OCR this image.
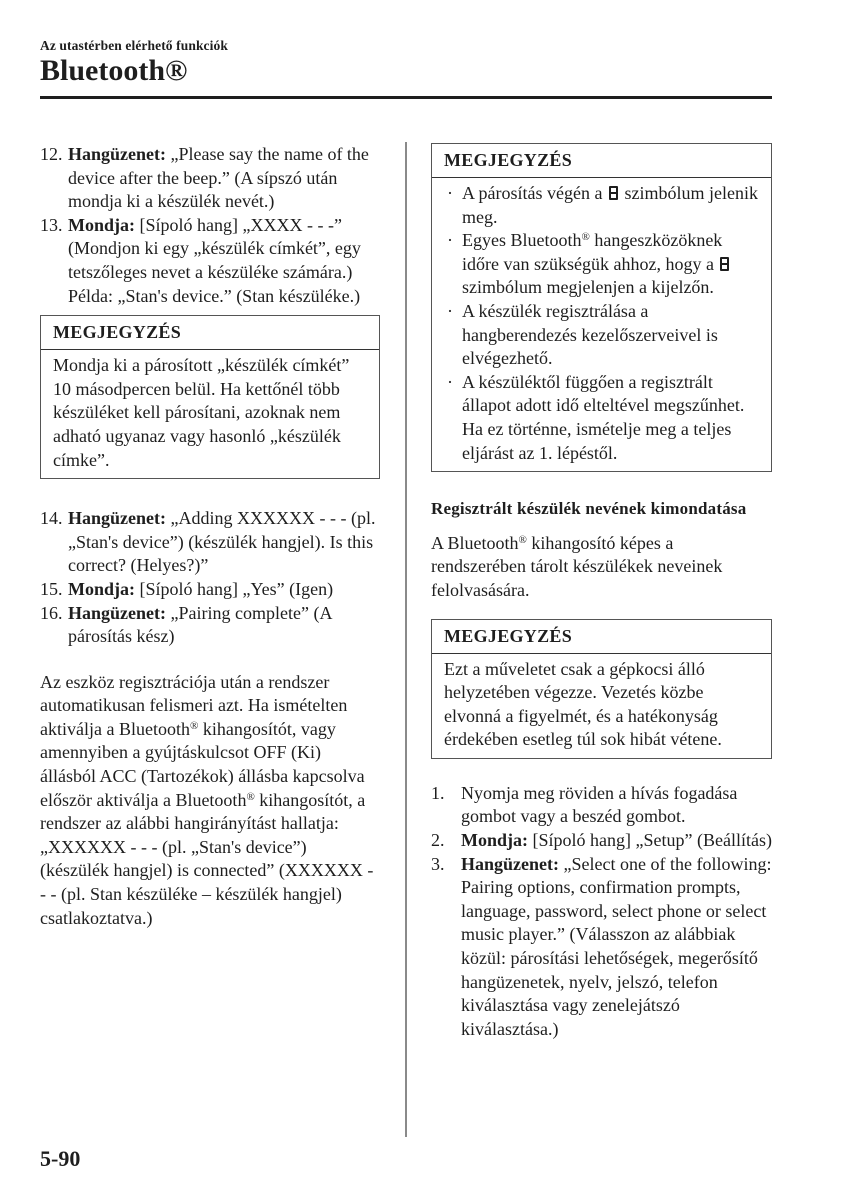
Az utastérben elérhető funkciók
Bluetooth®
12. Hangüzenet: „Please say the name of the device after the beep.” (A sípszó után mondja ki a készülék nevét.)
13. Mondja: [Sípoló hang] „XXXX - - -” (Mondjon ki egy „készülék címkét”, egy tetszőleges nevet a készüléke számára.)
Példa: „Stan's device.” (Stan készüléke.)
MEGJEGYZÉS
Mondja ki a párosított „készülék címkét” 10 másodpercen belül. Ha kettőnél több készüléket kell párosítani, azoknak nem adható ugyanaz vagy hasonló „készülék címke”.
14. Hangüzenet: „Adding XXXXXX - - - (pl. „Stan's device”) (készülék hangjel). Is this correct? (Helyes?)”
15. Mondja: [Sípoló hang] „Yes” (Igen)
16. Hangüzenet: „Pairing complete” (A párosítás kész)

Az eszköz regisztrációja után a rendszer automatikusan felismeri azt. Ha ismételten aktiválja a Bluetooth® kihangosítót, vagy amennyiben a gyújtáskulcsot OFF (Ki) állásból ACC (Tartozékok) állásba kapcsolva először aktiválja a Bluetooth® kihangosítót, a rendszer az alábbi hangirányítást hallatja: „XXXXXX - - - (pl. „Stan's device”) (készülék hangjel) is connected” (XXXXXX - - - (pl. Stan készüléke – készülék hangjel) csatlakoztatva.)

MEGJEGYZÉS
· A párosítás végén a  szimbólum jelenik meg.
· Egyes Bluetooth® hangeszközöknek időre van szükségük ahhoz, hogy a  szimbólum megjelenjen a kijelzőn.
· A készülék regisztrálása a hangberendezés kezelőszerveivel is elvégezhető.
· A készüléktől függően a regisztrált állapot adott idő elteltével megszűnhet. Ha ez történne, ismételje meg a teljes eljárást az 1. lépéstől.
Regisztrált készülék nevének kimondatása

A Bluetooth® kihangosító képes a rendszerében tárolt készülékek neveinek felolvasására.

MEGJEGYZÉS
Ezt a műveletet csak a gépkocsi álló helyzetében végezze. Vezetés közbe elvonná a figyelmét, és a hatékonyság érdekében esetleg túl sok hibát vétene.
1. Nyomja meg röviden a hívás fogadása gombot vagy a beszéd gombot.
2. Mondja: [Sípoló hang] „Setup” (Beállítás)
3. Hangüzenet: „Select one of the following: Pairing options, confirmation prompts, language, password, select phone or select music player.” (Válasszon az alábbiak közül: párosítási lehetőségek, megerősítő hangüzenetek, nyelv, jelszó, telefon kiválasztása vagy zenelejátszó kiválasztása.)
5-90
